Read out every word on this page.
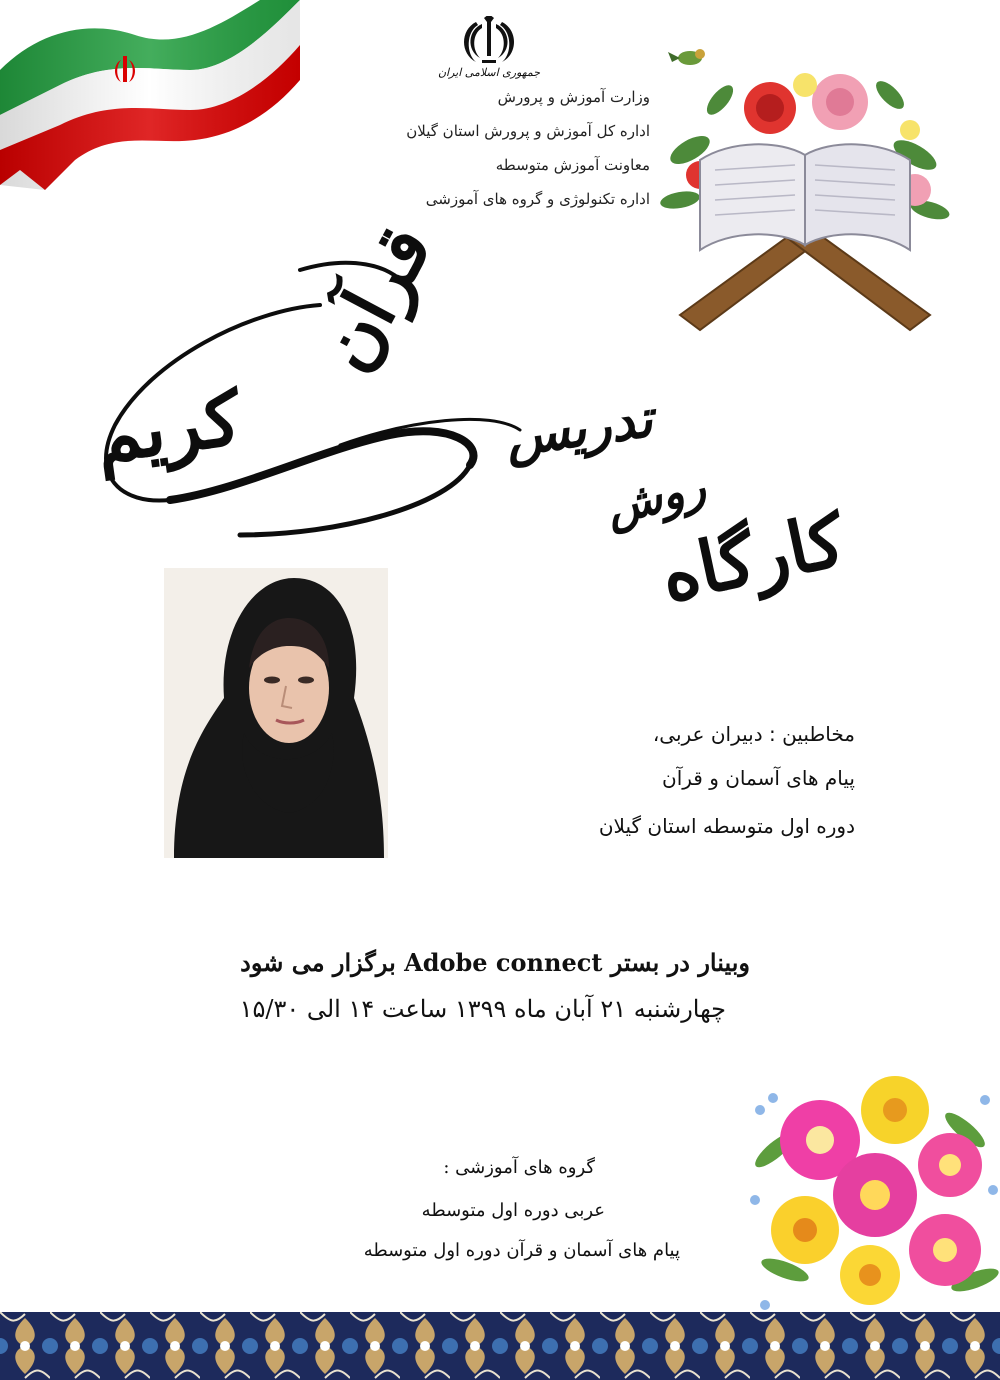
جمهوری اسلامی ایران
وزارت آموزش و پرورش
اداره کل آموزش و پرورش استان گیلان
معاونت آموزش متوسطه
اداره تکنولوژی و گروه های آموزشی
قرآن
کریم	تدریس
روش
کارگاه
مخاطبین : دبیران عربی،
پیام های آسمان و قرآن
دوره اول متوسطه استان گیلان
وبینار در بستر Adobe connect برگزار می شود
چهارشنبه ۲۱ آبان ماه ۱۳۹۹ ساعت ۱۴ الی ۱۵/۳۰
گروه های آموزشی :
عربی دوره اول متوسطه
پیام های آسمان و قرآن دوره اول متوسطه
